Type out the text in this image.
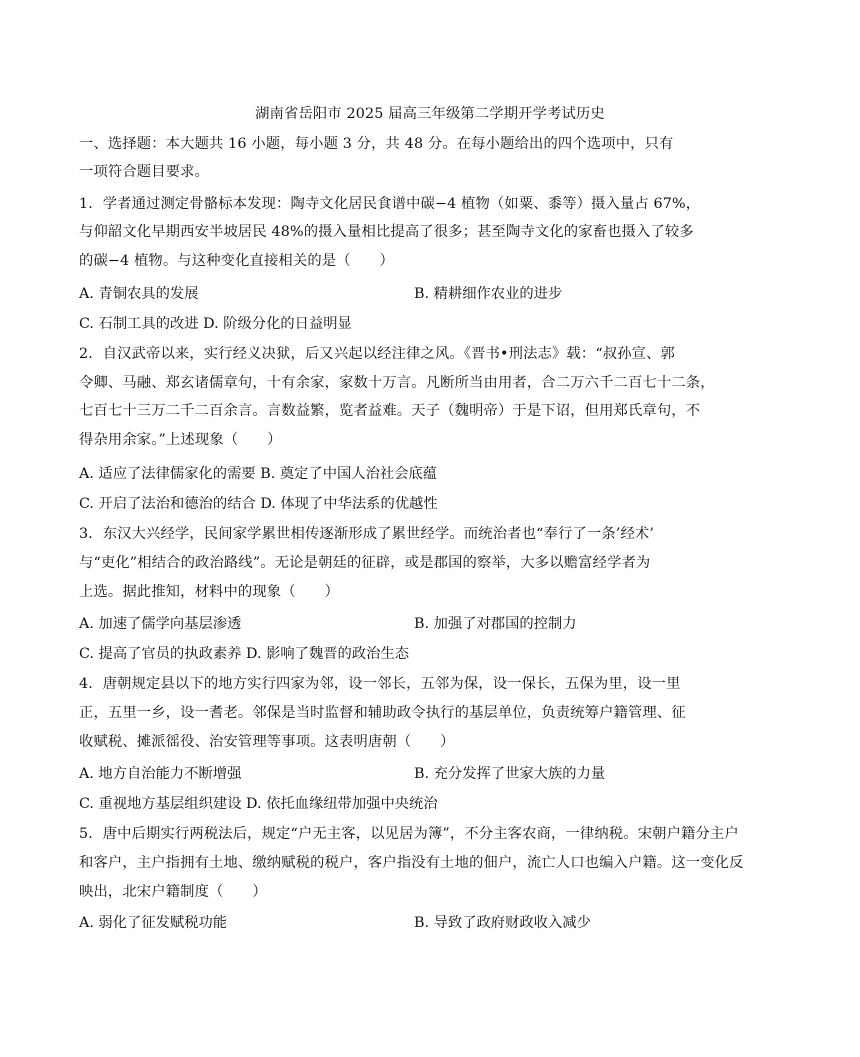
湖南省岳阳市 2025 届高三年级第二学期开学考试历史
一、选择题：本大题共 16 小题，每小题 3 分，共 48 分。在每小题给出的四个选项中，只有
一项符合题目要求。
1．学者通过测定骨骼标本发现：陶寺文化居民食谱中碳−4 植物（如粟、黍等）摄入量占 67%，
与仰韶文化早期西安半坡居民 48%的摄入量相比提高了很多；甚至陶寺文化的家畜也摄入了较多
的碳−4 植物。与这种变化直接相关的是（　　）
A. 青铜农具的发展	B. 精耕细作农业的进步
C. 石制工具的改进 D. 阶级分化的日益明显
2．自汉武帝以来，实行经义决狱，后又兴起以经注律之风。《晋书•刑法志》载：“叔孙宣、郭
令卿、马融、郑玄诸儒章句，十有余家，家数十万言。凡断所当由用者，合二万六千二百七十二条，
七百七十三万二千二百余言。言数益繁，览者益难。天子（魏明帝）于是下诏，但用郑氏章句，不
得杂用余家。”上述现象（　　）
A. 适应了法律儒家化的需要 B. 奠定了中国人治社会底蕴
C. 开启了法治和德治的结合 D. 体现了中华法系的优越性
3．东汉大兴经学，民间家学累世相传逐渐形成了累世经学。而统治者也“奉行了一条’经术’
与“吏化”相结合的政治路线”。无论是朝廷的征辟，或是郡国的察举，大多以赡富经学者为
上选。据此推知，材料中的现象（　　）
A. 加速了儒学向基层渗透	B. 加强了对郡国的控制力
C. 提高了官员的执政素养 D. 影响了魏晋的政治生态
4．唐朝规定县以下的地方实行四家为邻，设一邻长，五邻为保，设一保长，五保为里，设一里
正，五里一乡，设一耆老。邻保是当时监督和辅助政令执行的基层单位，负责统筹户籍管理、征
收赋税、摊派徭役、治安管理等事项。这表明唐朝（　　）
A. 地方自治能力不断增强	B. 充分发挥了世家大族的力量
C. 重视地方基层组织建设 D. 依托血缘纽带加强中央统治
5．唐中后期实行两税法后，规定“户无主客，以见居为簿”，不分主客农商，一律纳税。宋朝户籍分主户
和客户，主户指拥有土地、缴纳赋税的税户，客户指没有土地的佃户，流亡人口也编入户籍。这一变化反
映出，北宋户籍制度（　　）
A. 弱化了征发赋税功能	B. 导致了政府财政收入减少
